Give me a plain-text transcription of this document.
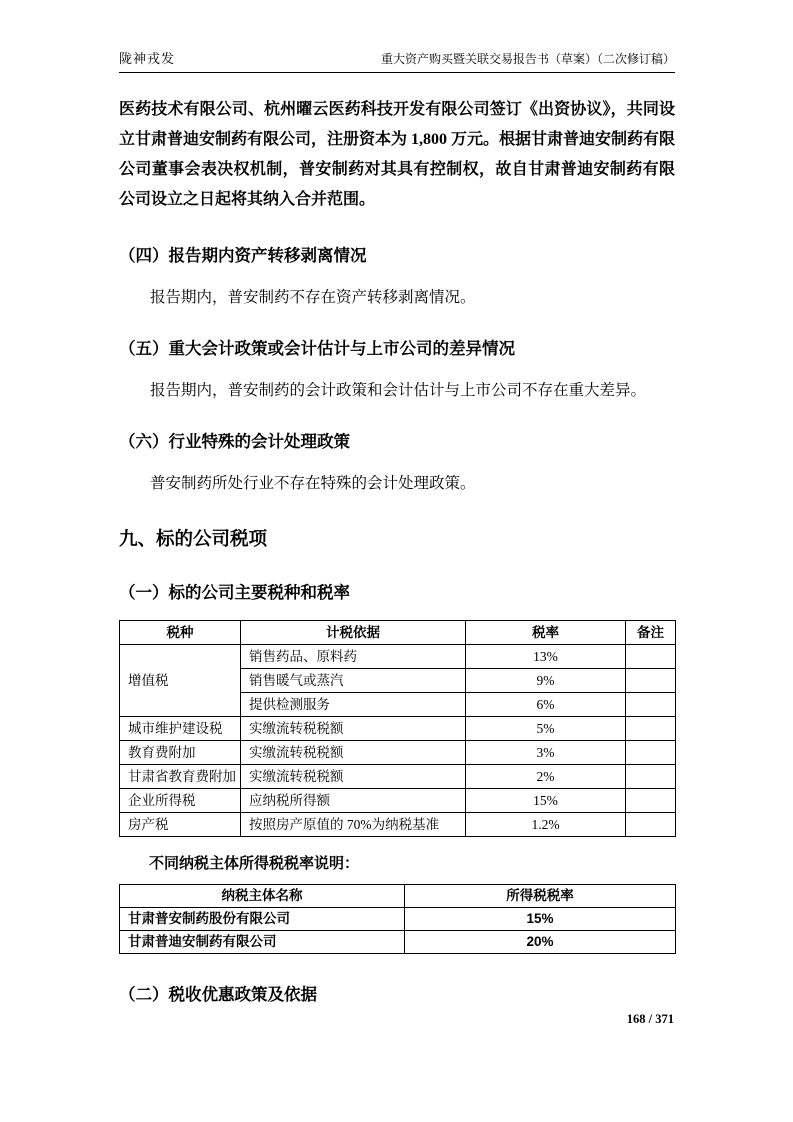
陇神戎发	重大资产购买暨关联交易报告书（草案）（二次修订稿）

医药技术有限公司、杭州曜云医药科技开发有限公司签订《出资协议》，共同设立甘肃普迪安制药有限公司，注册资本为 1,800 万元。根据甘肃普迪安制药有限公司董事会表决权机制，普安制药对其具有控制权，故自甘肃普迪安制药有限公司设立之日起将其纳入合并范围。

（四）报告期内资产转移剥离情况

报告期内，普安制药不存在资产转移剥离情况。

（五）重大会计政策或会计估计与上市公司的差异情况

报告期内，普安制药的会计政策和会计估计与上市公司不存在重大差异。

（六）行业特殊的会计处理政策

普安制药所处行业不存在特殊的会计处理政策。

九、标的公司税项
（一）标的公司主要税种和税率
税种	计税依据	税率	备注
增值税	销售药品、原料药	13%	
	销售暖气或蒸汽	9%	
	提供检测服务	6%	
城市维护建设税	实缴流转税税额	5%	
教育费附加	实缴流转税税额	3%	
甘肃省教育费附加	实缴流转税税额	2%	
企业所得税	应纳税所得额	15%	
房产税	按照房产原值的 70%为纳税基准	1.2%	

不同纳税主体所得税税率说明：

纳税主体名称	所得税税率
甘肃普安制药股份有限公司	15%
甘肃普迪安制药有限公司	20%
（二）税收优惠政策及依据
168 / 371
